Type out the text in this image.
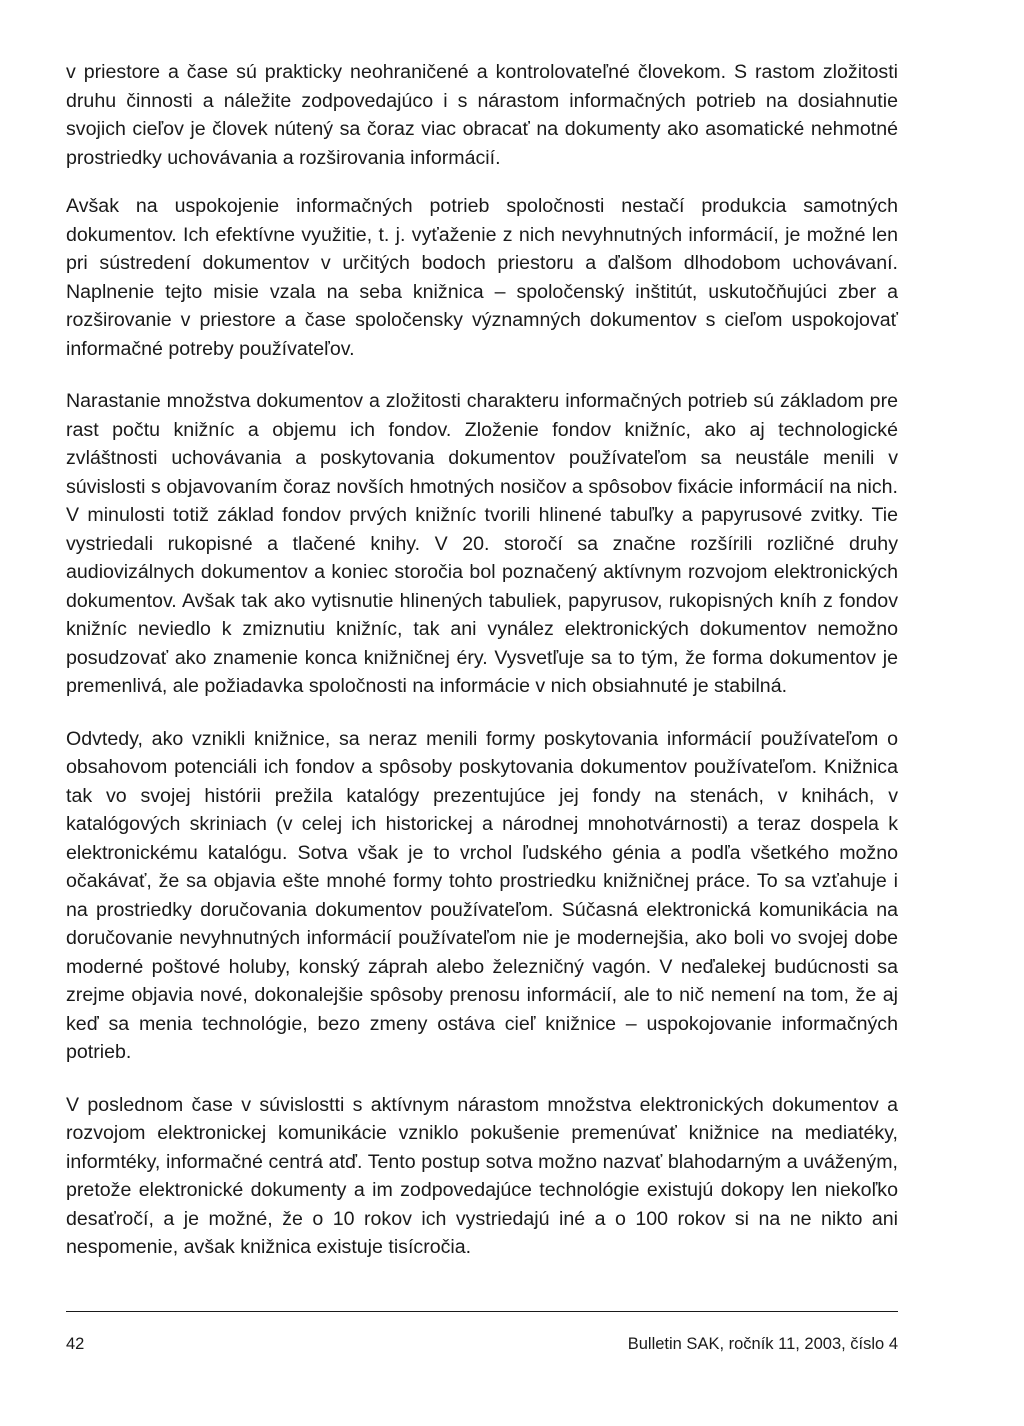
v priestore a čase sú prakticky neohraničené a kontrolovateľné človekom. S rastom zložitosti druhu činnosti a náležite zodpovedajúco i s nárastom informačných potrieb na dosiahnutie svojich cieľov je človek nútený sa čoraz viac obracať na dokumenty ako asomatické nehmotné prostriedky uchovávania a rozširovania informácií.

Avšak na uspokojenie informačných potrieb spoločnosti nestačí produkcia samotných dokumentov. Ich efektívne využitie, t. j. vyťaženie z nich nevyhnutných informácií, je možné len pri sústredení dokumentov v určitých bodoch priestoru a ďalšom dlhodobom uchovávaní. Naplnenie tejto misie vzala na seba knižnica – spoločenský inštitút, uskutočňujúci zber a rozširovanie v priestore a čase spoločensky významných dokumentov s cieľom uspokojovať informačné potreby používateľov.

Narastanie množstva dokumentov a zložitosti charakteru informačných potrieb sú základom pre rast počtu knižníc a objemu ich fondov. Zloženie fondov knižníc, ako aj technologické zvláštnosti uchovávania a poskytovania dokumentov používateľom sa neustále menili v súvislosti s objavovaním čoraz novších hmotných nosičov a spôsobov fixácie informácií na nich. V minulosti totiž základ fondov prvých knižníc tvorili hlinené tabuľky a papyrusové zvitky. Tie vystriedali rukopisné a tlačené knihy. V 20. storočí sa značne rozšírili rozličné druhy audiovizálnych dokumentov a koniec storočia bol poznačený aktívnym rozvojom elektronických dokumentov. Avšak tak ako vytisnutie hlinených tabuliek, papyrusov, rukopisných kníh z fondov knižníc neviedlo k zmiznutiu knižníc, tak ani vynález elektronických dokumentov nemožno posudzovať ako znamenie konca knižničnej éry. Vysvetľuje sa to tým, že forma dokumentov je premenlivá, ale požiadavka spoločnosti na informácie v nich obsiahnuté je stabilná.

Odvtedy, ako vznikli knižnice, sa neraz menili formy poskytovania informácií používateľom o obsahovom potenciáli ich fondov a spôsoby poskytovania dokumentov používateľom. Knižnica tak vo svojej histórii prežila katalógy prezentujúce jej fondy na stenách, v knihách, v katalógových skriniach (v celej ich historickej a národnej mnohotvárnosti) a teraz dospela k elektronickému katalógu. Sotva však je to vrchol ľudského génia a podľa všetkého možno očakávať, že sa objavia ešte mnohé formy tohto prostriedku knižničnej práce. To sa vzťahuje i na prostriedky doručovania dokumentov používateľom. Súčasná elektronická komunikácia na doručovanie nevyhnutných informácií používateľom nie je modernejšia, ako boli vo svojej dobe moderné poštové holuby, konský záprah alebo železničný vagón. V neďalekej budúcnosti sa zrejme objavia nové, dokonalejšie spôsoby prenosu informácií, ale to nič nemení na tom, že aj keď sa menia technológie, bezo zmeny ostáva cieľ knižnice – uspokojovanie informačných potrieb.

V poslednom čase v súvislostti s aktívnym nárastom množstva elektronických dokumentov a rozvojom elektronickej komunikácie vzniklo pokušenie premenúvať knižnice na mediatéky, informtéky, informačné centrá atď. Tento postup sotva možno nazvať blahodarným a uváženým, pretože elektronické dokumenty a im zodpovedajúce technológie existujú dokopy len niekoľko desaťročí, a je možné, že o 10 rokov ich vystriedajú iné a o 100 rokov si na ne nikto ani nespomenie, avšak knižnica existuje tisícročia.

42	Bulletin SAK, ročník 11, 2003, číslo 4
